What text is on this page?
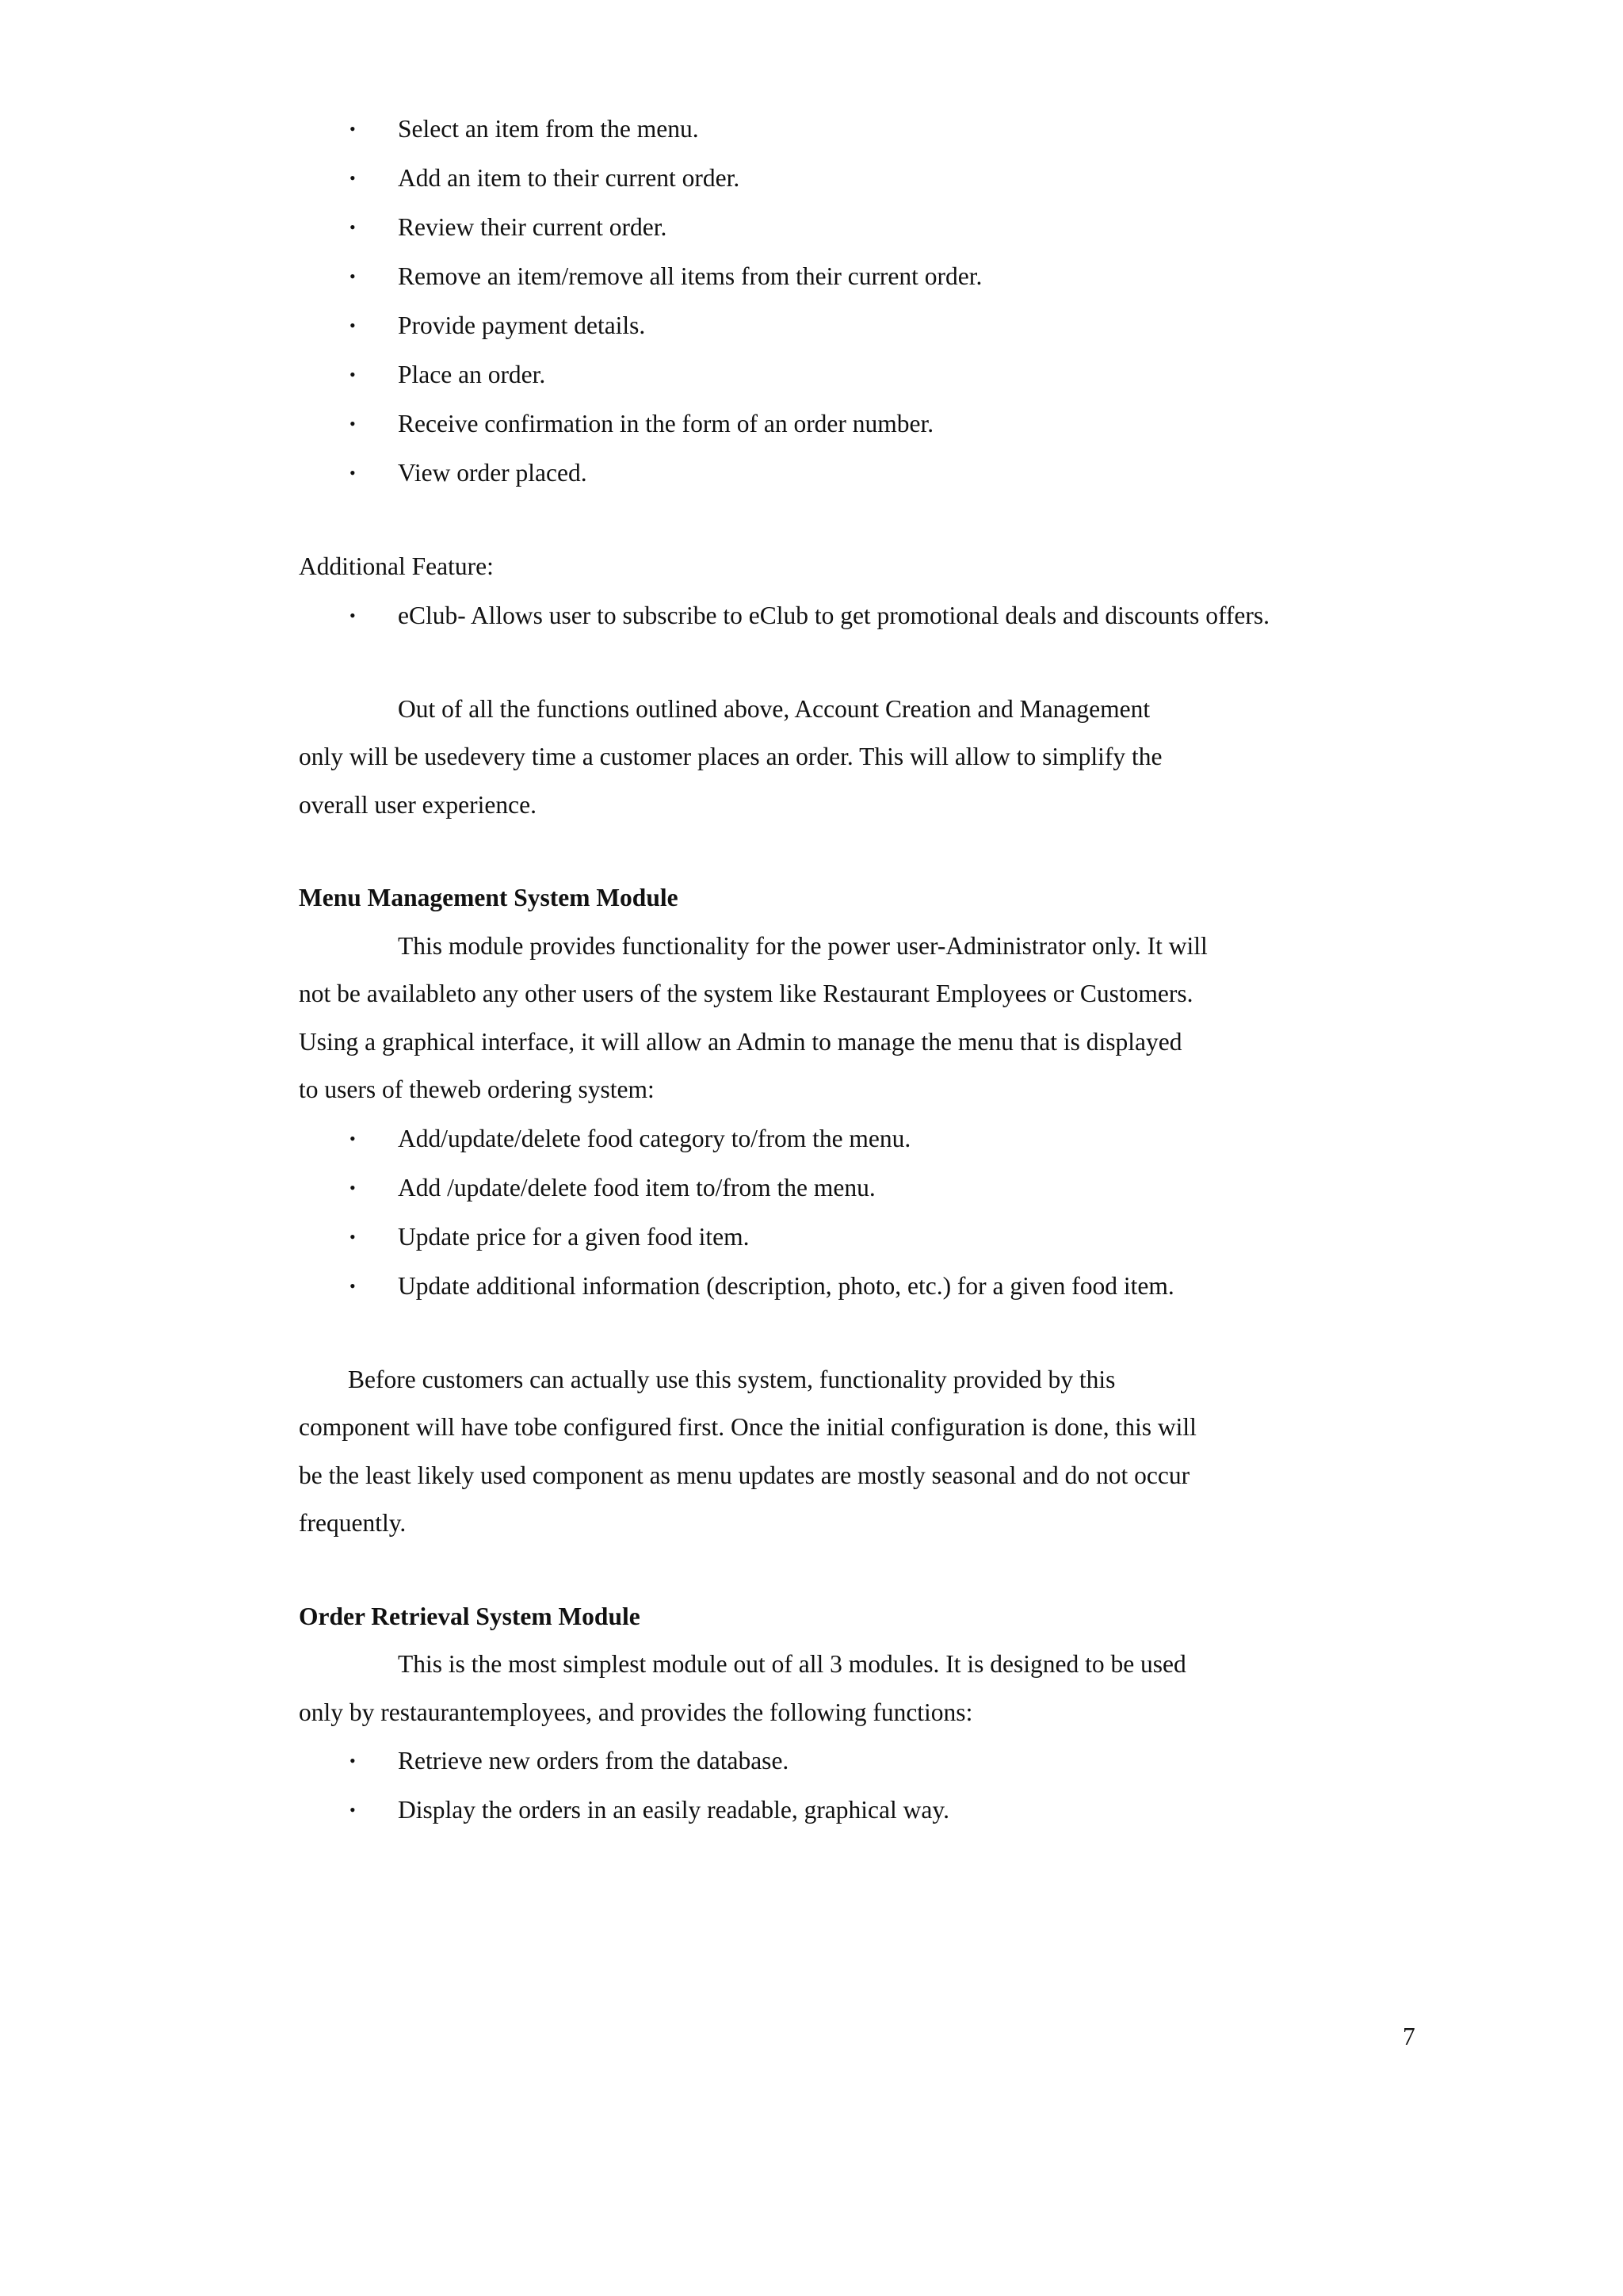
• Select an item from the menu.
• Add an item to their current order.
• Review their current order.
• Remove an item/remove all items from their current order.
• Provide payment details.
• Place an order.
• Receive confirmation in the form of an order number.
• View order placed.
Additional Feature:
• eClub- Allows user to subscribe to eClub to get promotional deals and discounts offers.
Out of all the functions outlined above, Account Creation and Management
only will be usedevery time a customer places an order. This will allow to simplify the
overall user experience.
Menu Management System Module
This module provides functionality for the power user-Administrator only. It will
not be availableto any other users of the system like Restaurant Employees or Customers.
Using a graphical interface, it will allow an Admin to manage the menu that is displayed
to users of theweb ordering system:
• Add/update/delete food category to/from the menu.
• Add /update/delete food item to/from the menu.
• Update price for a given food item.
• Update additional information (description, photo, etc.) for a given food item.
Before customers can actually use this system, functionality provided by this
component will have tobe configured first. Once the initial configuration is done, this will
be the least likely used component as menu updates are mostly seasonal and do not occur
frequently.
Order Retrieval System Module
This is the most simplest module out of all 3 modules. It is designed to be used
only by restaurantemployees, and provides the following functions:
• Retrieve new orders from the database.
• Display the orders in an easily readable, graphical way.
7
